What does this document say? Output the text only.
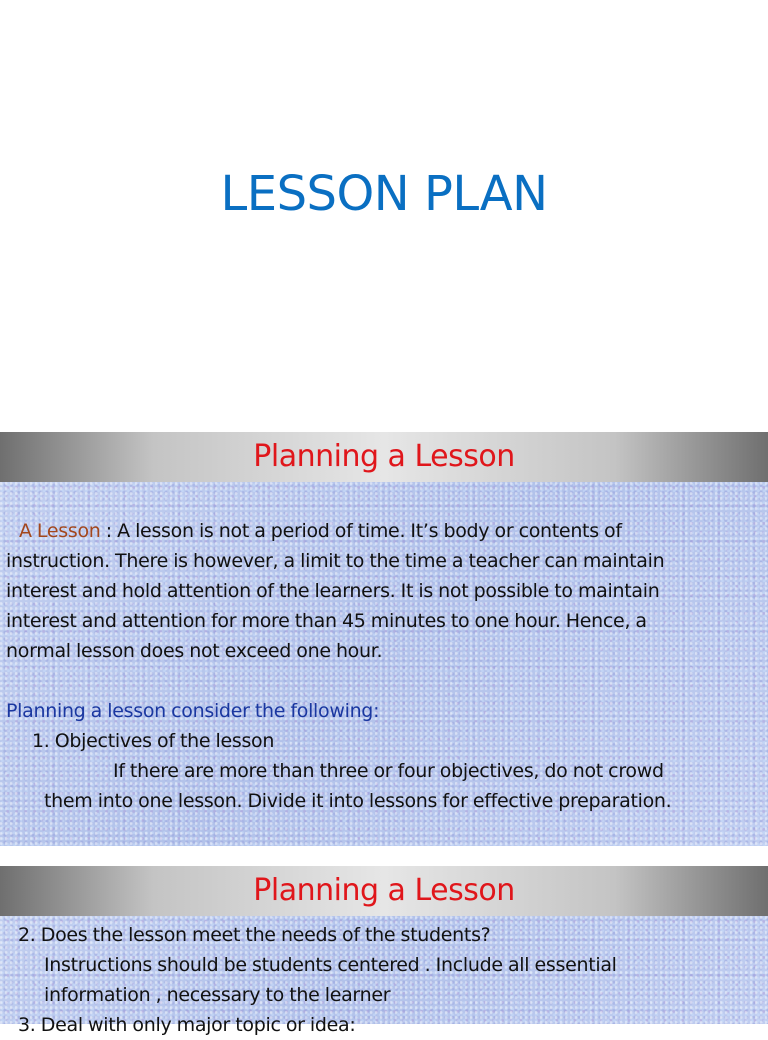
LESSON PLAN
Planning a Lesson

A Lesson : A lesson is not a period of time. It’s body or contents of

instruction. There is however, a limit to the time a teacher can maintain

interest and hold attention of the learners. It is not possible to maintain

interest and attention for more than 45 minutes to one hour. Hence, a

normal lesson does not exceed one hour.

Planning a lesson consider the following:

1. Objectives of the lesson

If there are more than three or four objectives, do not crowd

them into one lesson. Divide it into lessons for effective preparation.

Planning a Lesson

2. Does the lesson meet the needs of the students?

Instructions should be students centered . Include all essential

information , necessary to the learner

3. Deal with only major topic or idea:
